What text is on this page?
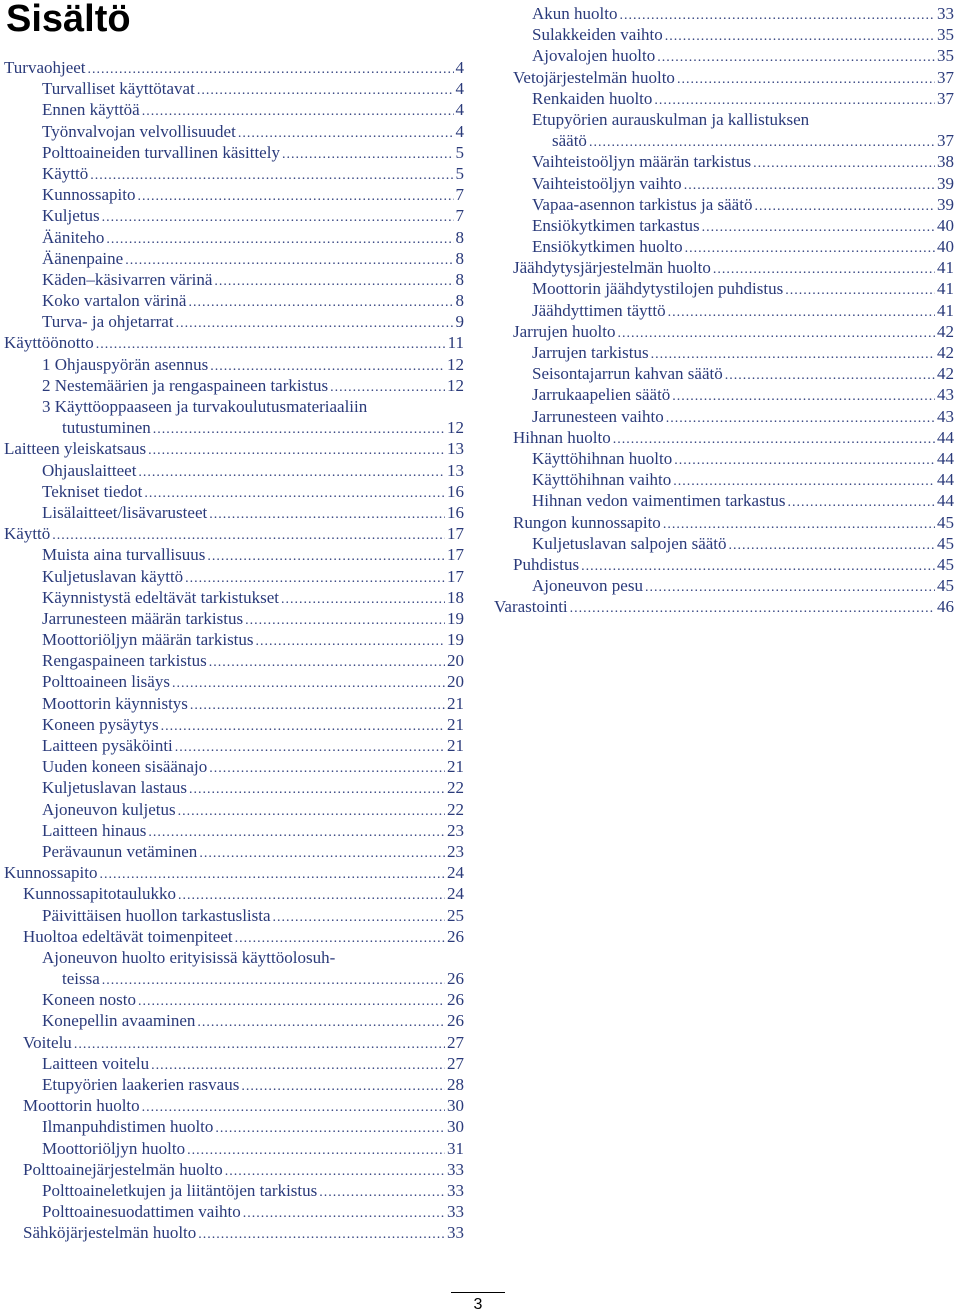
Sisältö
Turvaohjeet .....	4
Turvalliset käyttötavat .....	4
Ennen käyttöä .....	4
Työnvalvojan velvollisuudet .....	4
Polttoaineiden turvallinen käsittely .....	5
Käyttö .....	5
Kunnossapito .....	7
Kuljetus .....	7
Ääniteho .....	8
Äänenpaine .....	8
Käden–käsivarren värinä .....	8
Koko vartalon värinä .....	8
Turva- ja ohjetarrat .....	9
Käyttöönotto .....	11
1 Ohjauspyörän asennus .....	12
2 Nestemäärien ja rengaspaineen tarkistus .....	12
3 Käyttöoppaaseen ja turvakoulutusmateriaaliin
tutustuminen .....	12
Laitteen yleiskatsaus .....	13
Ohjauslaitteet .....	13
Tekniset tiedot .....	16
Lisälaitteet/lisävarusteet .....	16
Käyttö .....	17
Muista aina turvallisuus .....	17
Kuljetuslavan käyttö .....	17
Käynnistystä edeltävät tarkistukset .....	18
Jarrunesteen määrän tarkistus .....	19
Moottoriöljyn määrän tarkistus .....	19
Rengaspaineen tarkistus .....	20
Polttoaineen lisäys .....	20
Moottorin käynnistys .....	21
Koneen pysäytys .....	21
Laitteen pysäköinti .....	21
Uuden koneen sisäänajo .....	21
Kuljetuslavan lastaus .....	22
Ajoneuvon kuljetus .....	22
Laitteen hinaus .....	23
Perävaunun vetäminen .....	23
Kunnossapito .....	24
Kunnossapitotaulukko .....	24
Päivittäisen huollon tarkastuslista .....	25
Huoltoa edeltävät toimenpiteet .....	26
Ajoneuvon huolto erityisissä käyttöolosuh-
teissa .....	26
Koneen nosto .....	26
Konepellin avaaminen .....	26
Voitelu .....	27
Laitteen voitelu .....	27
Etupyörien laakerien rasvaus .....	28
Moottorin huolto .....	30
Ilmanpuhdistimen huolto .....	30
Moottoriöljyn huolto .....	31
Polttoainejärjestelmän huolto .....	33
Polttoaineletkujen ja liitäntöjen tarkistus .....	33
Polttoainesuodattimen vaihto .....	33
Sähköjärjestelmän huolto .....	33
Akun huolto .....	33
Sulakkeiden vaihto .....	35
Ajovalojen huolto .....	35
Vetojärjestelmän huolto .....	37
Renkaiden huolto .....	37
Etupyörien aurauskulman ja kallistuksen
säätö .....	37
Vaihteistoöljyn määrän tarkistus .....	38
Vaihteistoöljyn vaihto .....	39
Vapaa-asennon tarkistus ja säätö .....	39
Ensiökytkimen tarkastus .....	40
Ensiökytkimen huolto .....	40
Jäähdytysjärjestelmän huolto .....	41
Moottorin jäähdytystilojen puhdistus .....	41
Jäähdyttimen täyttö .....	41
Jarrujen huolto .....	42
Jarrujen tarkistus .....	42
Seisontajarrun kahvan säätö .....	42
Jarrukaapelien säätö .....	43
Jarrunesteen vaihto .....	43
Hihnan huolto .....	44
Käyttöhihnan huolto .....	44
Käyttöhihnan vaihto .....	44
Hihnan vedon vaimentimen tarkastus .....	44
Rungon kunnossapito .....	45
Kuljetuslavan salpojen säätö .....	45
Puhdistus .....	45
Ajoneuvon pesu .....	45
Varastointi .....	46
3
